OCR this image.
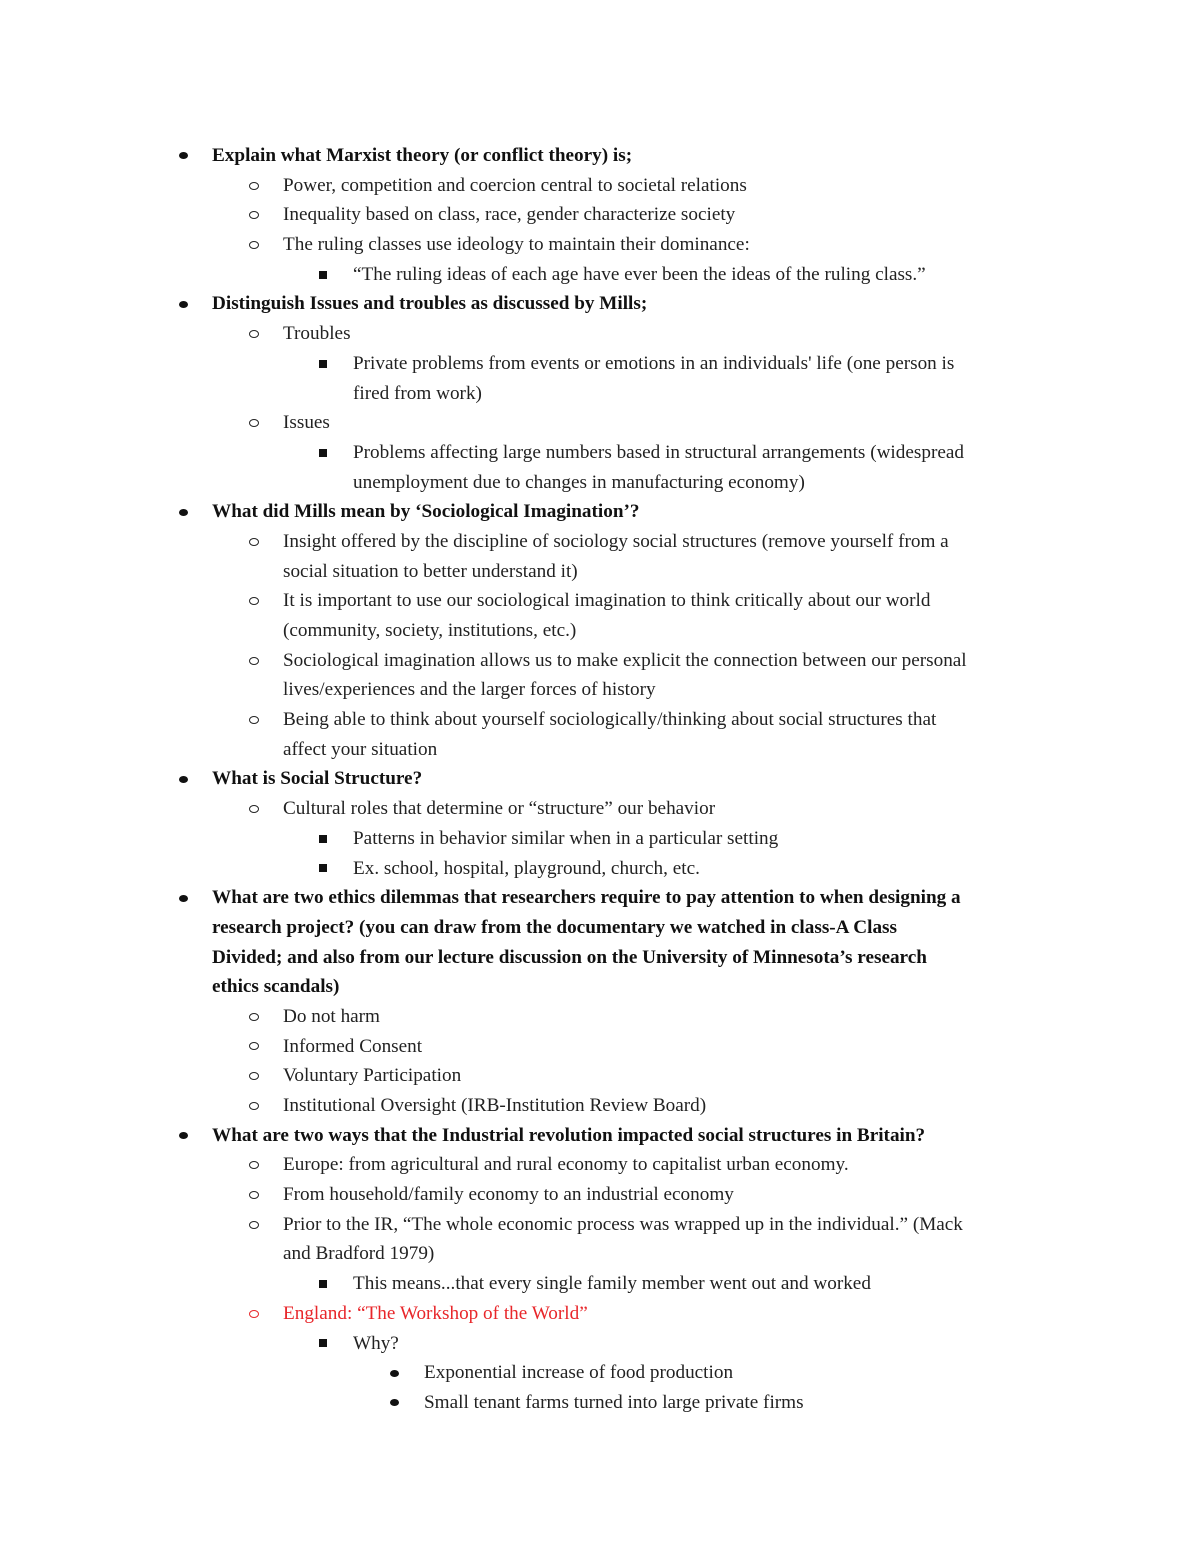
Explain what Marxist theory (or conflict theory) is;
Power, competition and coercion central to societal relations
Inequality based on class, race, gender characterize society
The ruling classes use ideology to maintain their dominance:
“The ruling ideas of each age have ever been the ideas of the ruling class.”
Distinguish Issues and troubles as discussed by Mills;
Troubles
Private problems from events or emotions in an individuals' life (one person is
fired from work)
Issues
Problems affecting large numbers based in structural arrangements (widespread
unemployment due to changes in manufacturing economy)
What did Mills mean by ‘Sociological Imagination’?
Insight offered by the discipline of sociology social structures (remove yourself from a
social situation to better understand it)
It is important to use our sociological imagination to think critically about our world
(community, society, institutions, etc.)
Sociological imagination allows us to make explicit the connection between our personal
lives/experiences and the larger forces of history
Being able to think about yourself sociologically/thinking about social structures that
affect your situation
What is Social Structure?
Cultural roles that determine or “structure” our behavior
Patterns in behavior similar when in a particular setting
Ex. school, hospital, playground, church, etc.
What are two ethics dilemmas that researchers require to pay attention to when designing a
research project? (you can draw from the documentary we watched in class-A Class
Divided; and also from our lecture discussion on the University of Minnesota’s research
ethics scandals)
Do not harm
Informed Consent
Voluntary Participation
Institutional Oversight (IRB-Institution Review Board)
What are two ways that the Industrial revolution impacted social structures in Britain?
Europe: from agricultural and rural economy to capitalist urban economy.
From household/family economy to an industrial economy
Prior to the IR, “The whole economic process was wrapped up in the individual.” (Mack
and Bradford 1979)
This means...that every single family member went out and worked
England: “The Workshop of the World”
Why?
Exponential increase of food production
Small tenant farms turned into large private firms
